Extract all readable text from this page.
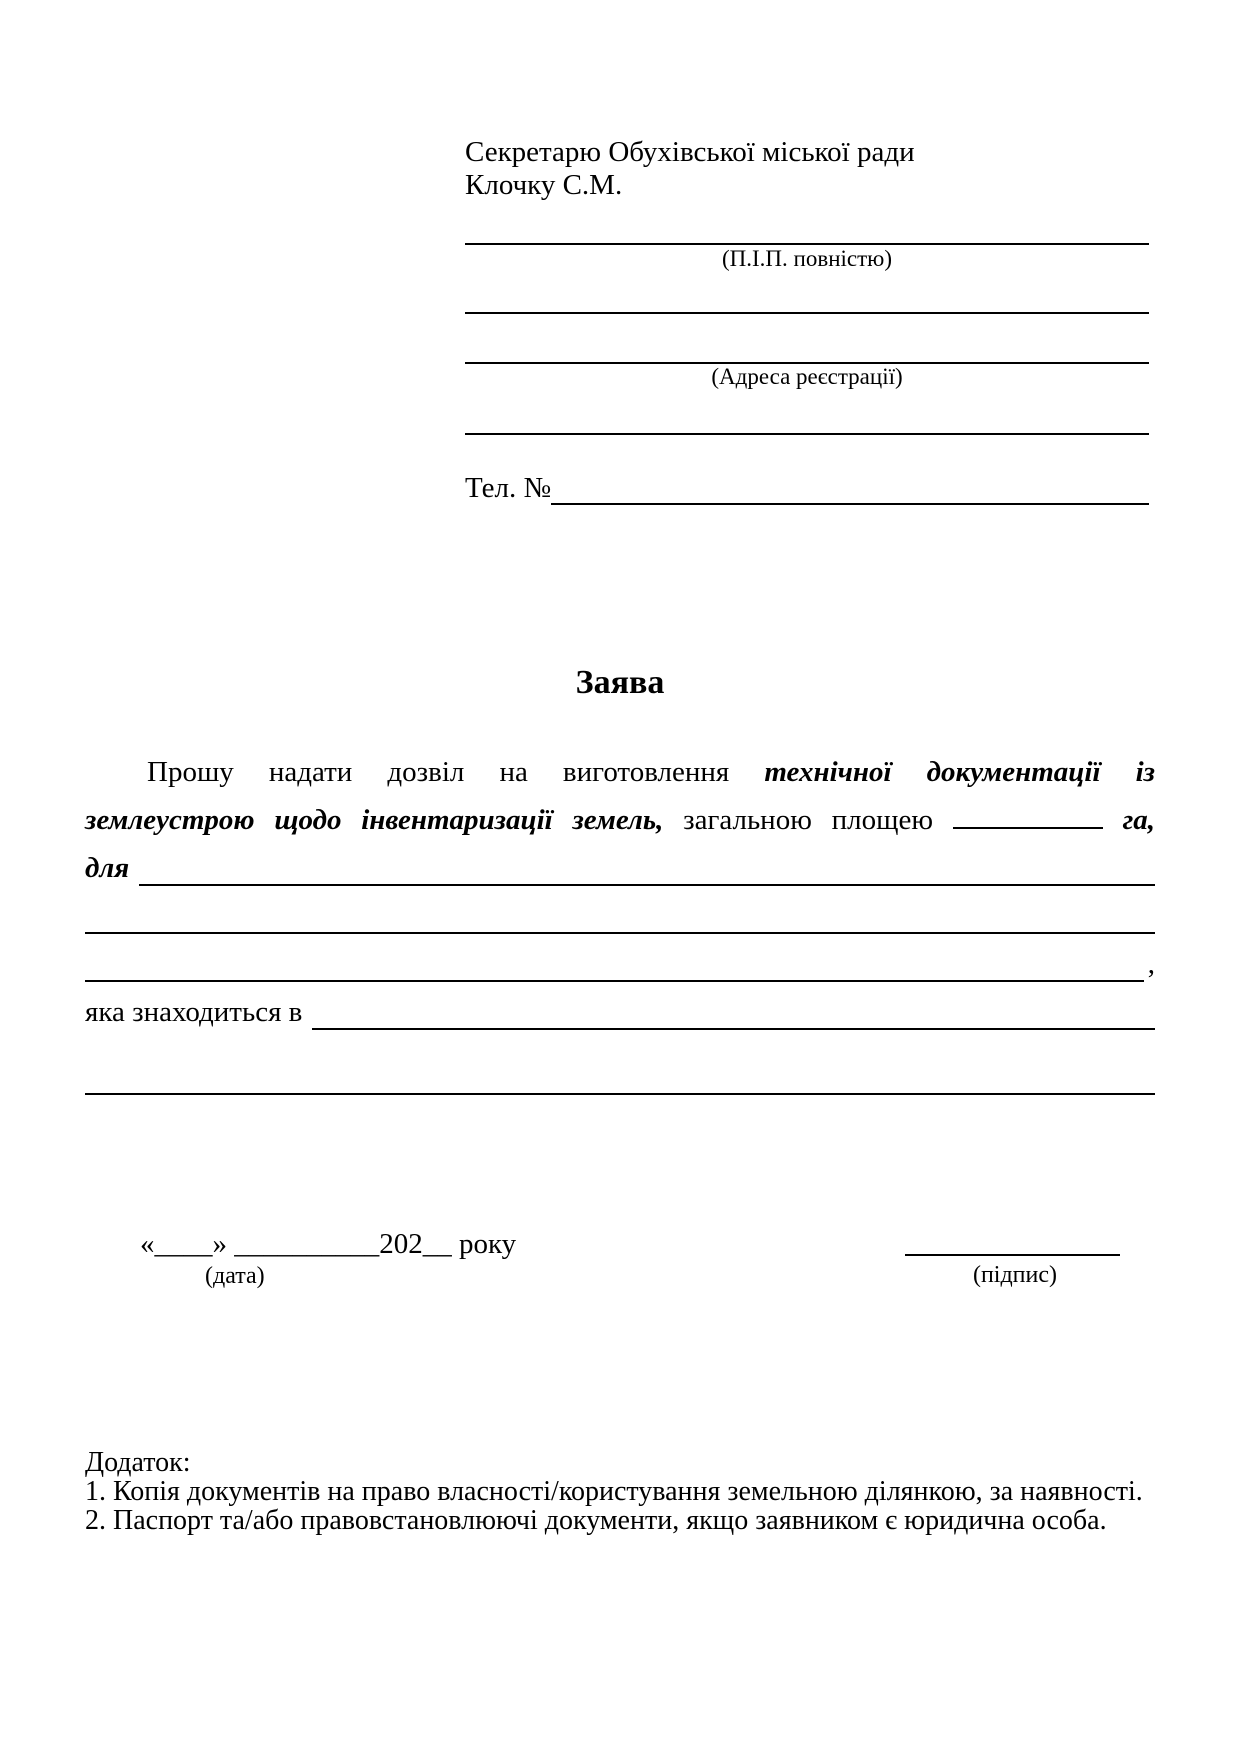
Секретарю Обухівської міської ради
Клочку С.М.
(П.І.П. повністю)
(Адреса реєстрації)
Тел. №
Заява
Прошу надати дозвіл на виготовлення технічної документації із
землеустрою щодо інвентаризації земель, загальною площею	га,
для
,
яка знаходиться в
«____» __________202__ року
(дата)	(підпис)
Додаток:
1. Копія документів на право власності/користування земельною ділянкою, за наявності.
2. Паспорт та/або правовстановлюючі документи, якщо заявником є юридична особа.
